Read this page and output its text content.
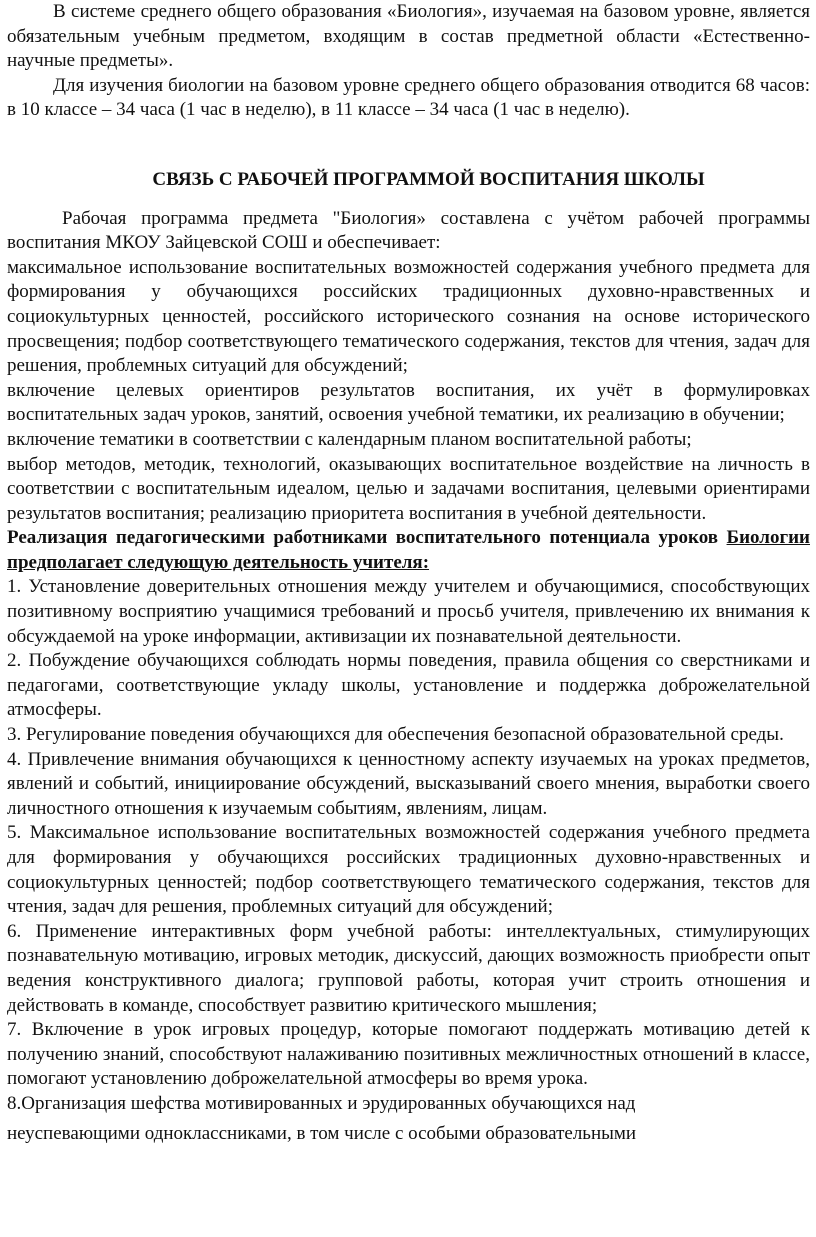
В системе среднего общего образования «Биология», изучаемая на базовом уровне, является обязательным учебным предметом, входящим в состав предметной области «Естественно-научные предметы».

Для изучения биологии на базовом уровне среднего общего образования отводится 68 часов: в 10 классе – 34 часа (1 час в неделю), в 11 классе – 34 часа (1 час в неделю).

СВЯЗЬ С РАБОЧЕЙ ПРОГРАММОЙ ВОСПИТАНИЯ ШКОЛЫ

Рабочая программа предмета "Биология» составлена с учётом рабочей программы воспитания МКОУ Зайцевской СОШ и обеспечивает:

максимальное использование воспитательных возможностей содержания учебного предмета для формирования у обучающихся российских традиционных духовно-нравственных и социокультурных ценностей, российского исторического сознания на основе исторического просвещения; подбор соответствующего тематического содержания, текстов для чтения, задач для решения, проблемных ситуаций для обсуждений;

включение целевых ориентиров результатов воспитания, их учёт в формулировках воспитательных задач уроков, занятий, освоения учебной тематики, их реализацию в обучении;

включение тематики в соответствии с календарным планом воспитательной работы;

выбор методов, методик, технологий, оказывающих воспитательное воздействие на личность в соответствии с воспитательным идеалом, целью и задачами воспитания, целевыми ориентирами результатов воспитания; реализацию приоритета воспитания в учебной деятельности.

Реализация педагогическими работниками воспитательного потенциала уроков Биологии предполагает следующую деятельность учителя:

1. Установление доверительных отношения между учителем и обучающимися, способствующих позитивному восприятию учащимися требований и просьб учителя, привлечению их внимания к обсуждаемой на уроке информации, активизации их познавательной деятельности.

2. Побуждение обучающихся соблюдать нормы поведения, правила общения со сверстниками и педагогами, соответствующие укладу школы, установление и поддержка доброжелательной атмосферы.

3. Регулирование поведения обучающихся для обеспечения безопасной образовательной среды.

4. Привлечение внимания обучающихся к ценностному аспекту изучаемых на уроках предметов, явлений и событий, инициирование обсуждений, высказываний своего мнения, выработки своего личностного отношения к изучаемым событиям, явлениям, лицам.

5. Максимальное использование воспитательных возможностей содержания учебного предмета для формирования у обучающихся российских традиционных духовно-нравственных и социокультурных ценностей; подбор соответствующего тематического содержания, текстов для чтения, задач для решения, проблемных ситуаций для обсуждений;

6. Применение интерактивных форм учебной работы: интеллектуальных, стимулирующих познавательную мотивацию, игровых методик, дискуссий, дающих возможность приобрести опыт ведения конструктивного диалога; групповой работы, которая учит строить отношения и действовать в команде, способствует развитию критического мышления;

7. Включение в урок игровых процедур, которые помогают поддержать мотивацию детей к получению знаний, способствуют налаживанию позитивных межличностных отношений в классе, помогают установлению доброжелательной атмосферы во время урока.

8.Организация шефства мотивированных и эрудированных обучающихся над

неуспевающими одноклассниками, в том числе с особыми образовательными
